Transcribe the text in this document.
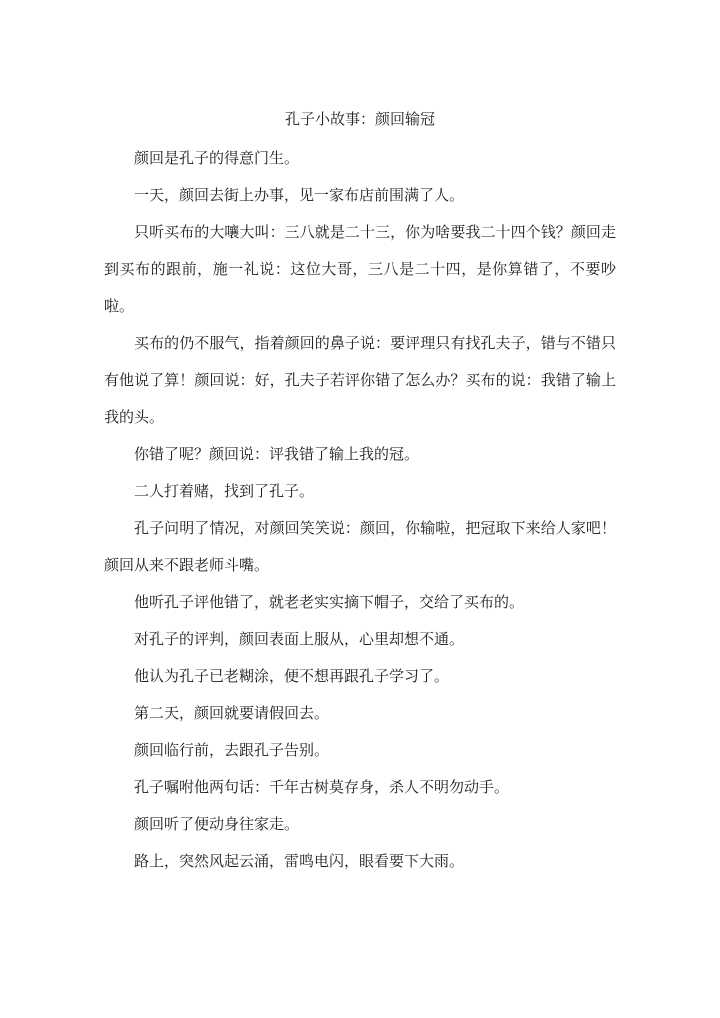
孔子小故事：颜回输冠

颜回是孔子的得意门生。

一天，颜回去街上办事，见一家布店前围满了人。

只听买布的大嚷大叫：三八就是二十三，你为啥要我二十四个钱？颜回走到买布的跟前，施一礼说：这位大哥，三八是二十四，是你算错了，不要吵啦。

买布的仍不服气，指着颜回的鼻子说：要评理只有找孔夫子，错与不错只有他说了算！颜回说：好，孔夫子若评你错了怎么办？买布的说：我错了输上我的头。

你错了呢？颜回说：评我错了输上我的冠。

二人打着赌，找到了孔子。

孔子问明了情况，对颜回笑笑说：颜回，你输啦，把冠取下来给人家吧！颜回从来不跟老师斗嘴。

他听孔子评他错了，就老老实实摘下帽子，交给了买布的。

对孔子的评判，颜回表面上服从，心里却想不通。

他认为孔子已老糊涂，便不想再跟孔子学习了。

第二天，颜回就要请假回去。

颜回临行前，去跟孔子告别。

孔子嘱咐他两句话：千年古树莫存身，杀人不明勿动手。

颜回听了便动身往家走。

路上，突然风起云涌，雷鸣电闪，眼看要下大雨。
